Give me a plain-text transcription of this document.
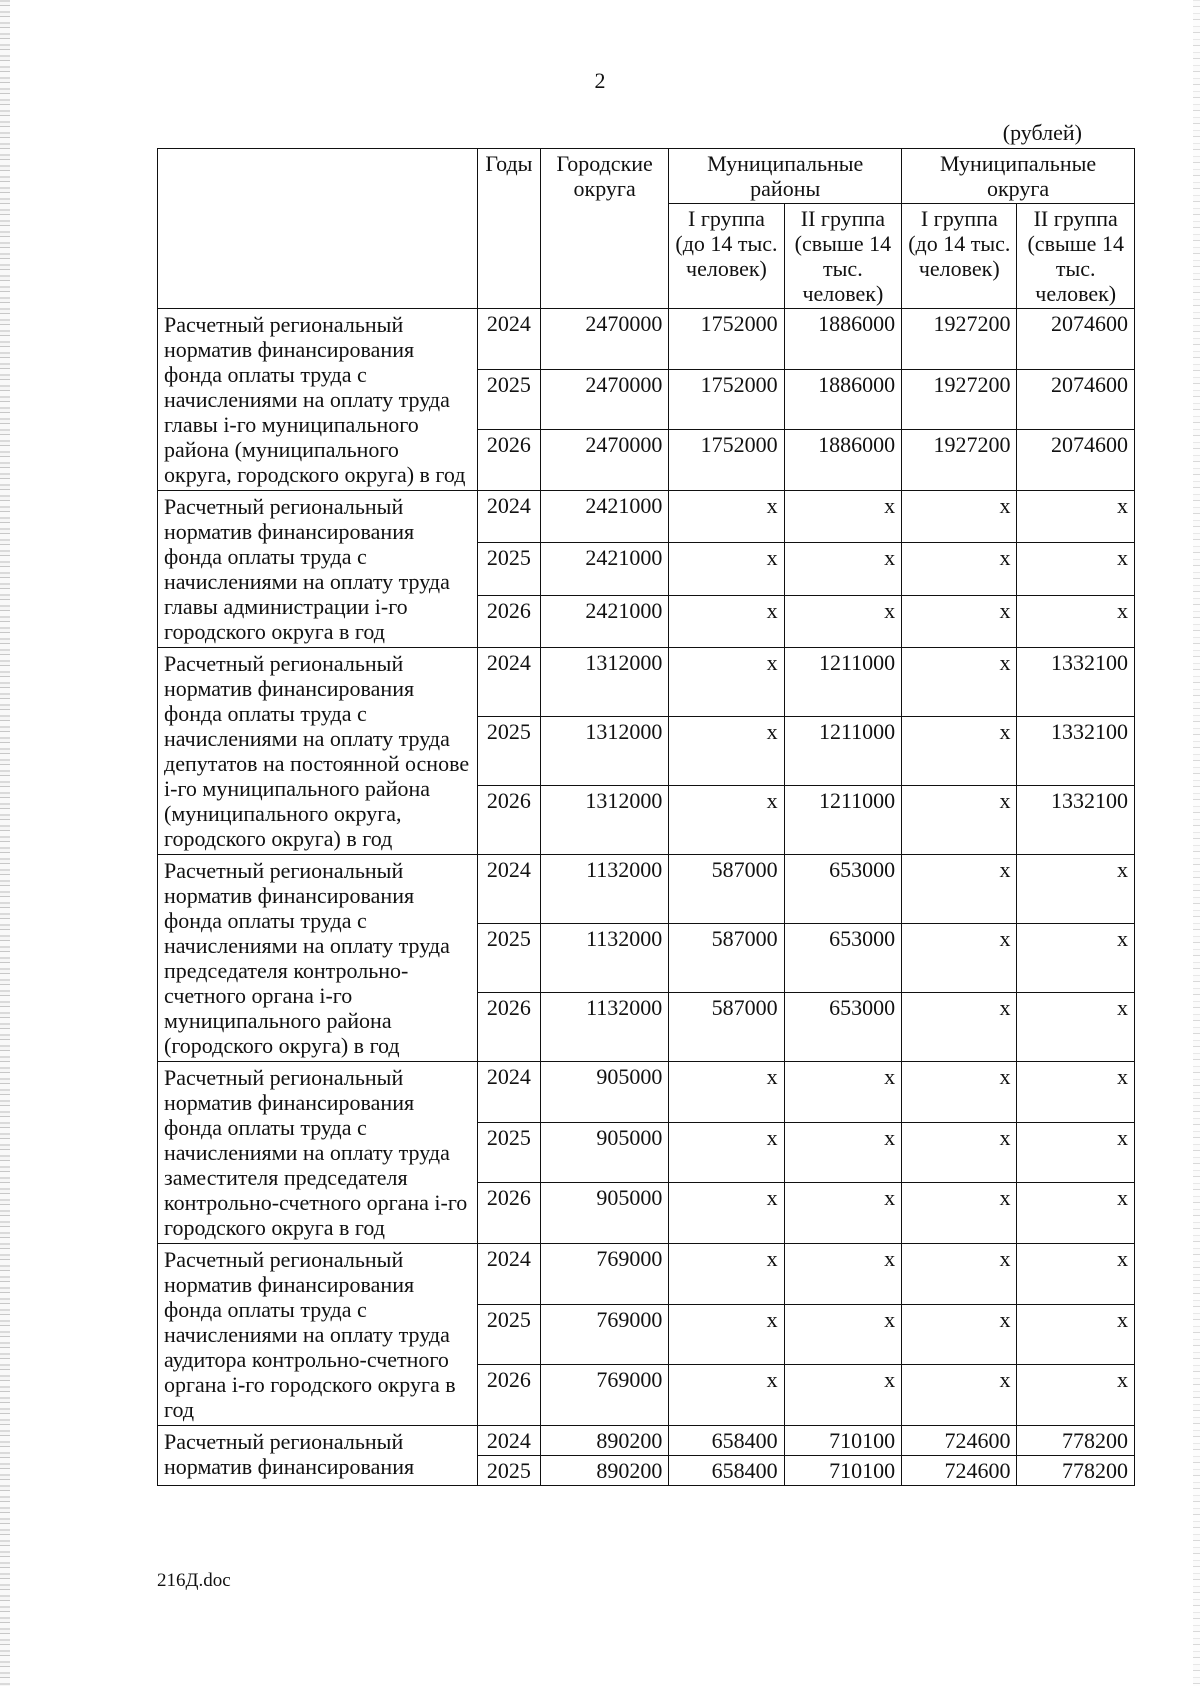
2
(рублей)
	Годы	Городские округа	Муниципальные районы		Муниципальные округа	
			I группа (до 14 тыс. человек)	II группа (свыше 14 тыс. человек)	I группа (до 14 тыс. человек)	II группа (свыше 14 тыс. человек)
Расчетный региональный норматив финансирования фонда оплаты труда с начислениями на оплату труда главы i-го муниципального района (муниципального округа, городского округа) в год	2024	2470000	1752000	1886000	1927200	2074600
	2025	2470000	1752000	1886000	1927200	2074600
	2026	2470000	1752000	1886000	1927200	2074600
Расчетный региональный норматив финансирования фонда оплаты труда с начислениями на оплату труда главы администрации i-го городского округа в год	2024	2421000	x	x	x	x
	2025	2421000	x	x	x	x
	2026	2421000	x	x	x	x
Расчетный региональный норматив финансирования фонда оплаты труда с начислениями на оплату труда депутатов на постоянной основе i-го муниципального района (муниципального округа, городского округа) в год	2024	1312000	x	1211000	x	1332100
	2025	1312000	x	1211000	x	1332100
	2026	1312000	x	1211000	x	1332100
Расчетный региональный норматив финансирования фонда оплаты труда с начислениями на оплату труда председателя контрольно-счетного органа i-го муниципального района (городского округа) в год	2024	1132000	587000	653000	x	x
	2025	1132000	587000	653000	x	x
	2026	1132000	587000	653000	x	x
Расчетный региональный норматив финансирования фонда оплаты труда с начислениями на оплату труда заместителя председателя контрольно-счетного органа i-го городского округа в год	2024	905000	x	x	x	x
	2025	905000	x	x	x	x
	2026	905000	x	x	x	x
Расчетный региональный норматив финансирования фонда оплаты труда с начислениями на оплату труда аудитора контрольно-счетного органа i-го городского округа в год	2024	769000	x	x	x	x
	2025	769000	x	x	x	x
	2026	769000	x	x	x	x
Расчетный региональный норматив финансирования	2024	890200	658400	710100	724600	778200
	2025	890200	658400	710100	724600	778200
216Д.doc
